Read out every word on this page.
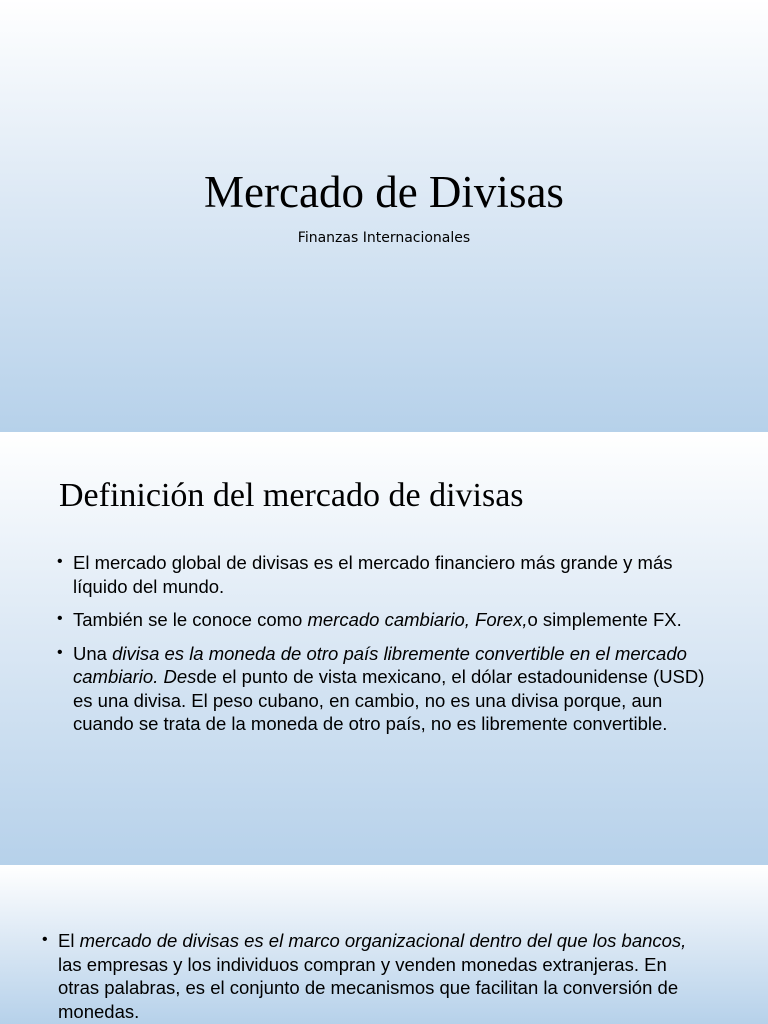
Mercado de Divisas

Finanzas Internacionales

Definición del mercado de divisas
• El mercado global de divisas es el mercado financiero más grande y más líquido del mundo.
• También se le conoce como mercado cambiario, Forex,o simplemente FX.
• Una divisa es la moneda de otro país libremente convertible en el mercado cambiario. Desde el punto de vista mexicano, el dólar estadounidense (USD) es una divisa. El peso cubano, en cambio, no es una divisa porque, aun cuando se trata de la moneda de otro país, no es libremente convertible.
• El mercado de divisas es el marco organizacional dentro del que los bancos, las empresas y los individuos compran y venden monedas extranjeras. En otras palabras, es el conjunto de mecanismos que facilitan la conversión de monedas.
